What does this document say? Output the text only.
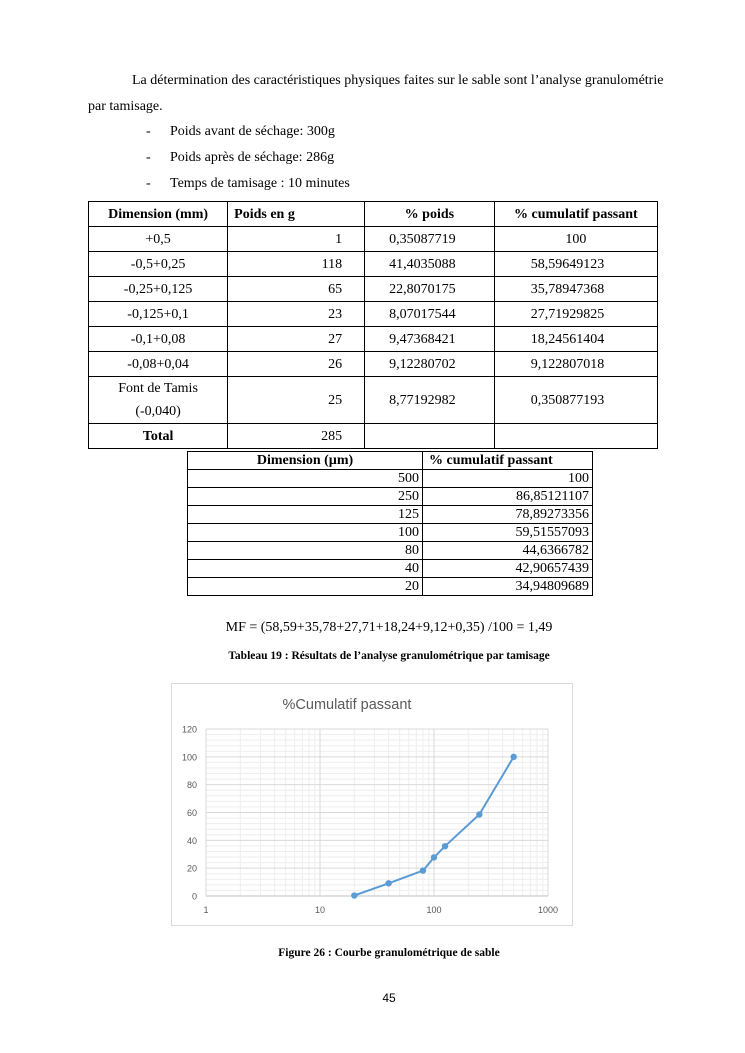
La détermination des caractéristiques physiques faites sur le sable sont l’analyse granulométrie par tamisage.
- Poids avant de séchage: 300g
- Poids après de séchage: 286g
- Temps de tamisage : 10 minutes
Dimension (mm)	Poids en g	% poids	% cumulatif passant
+0,5	1	0,35087719	100
-0,5+0,25	118	41,4035088	58,59649123
-0,25+0,125	65	22,8070175	35,78947368
-0,125+0,1	23	8,07017544	27,71929825
-0,1+0,08	27	9,47368421	18,24561404
-0,08+0,04	26	9,12280702	9,122807018
Font de Tamis (-0,040)	25	8,77192982	0,350877193
Total	285		
Dimension (µm)	% cumulatif passant
500	100
250	86,85121107
125	78,89273356
100	59,51557093
80	44,6366782
40	42,90657439
20	34,94809689
MF = (58,59+35,78+27,71+18,24+9,12+0,35) /100 = 1,49
Tableau 19 : Résultats de l’analyse granulométrique par tamisage
%Cumulatif passant
0
20
40
60
80
100
120
1	10	100	1000
Figure 26 : Courbe granulométrique de sable
45
